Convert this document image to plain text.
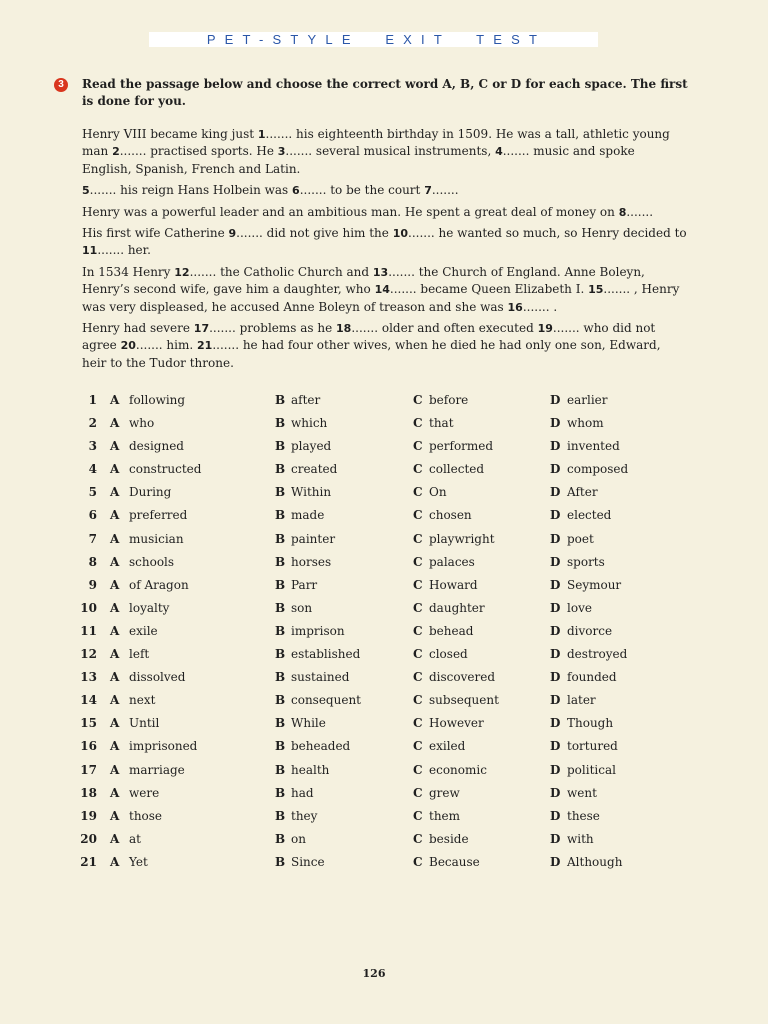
PET-STYLE  EXIT  TEST
3	Read the passage below and choose the correct word A, B, C or D for each space. The first is done for you.

Henry VIII became king just 1....... his eighteenth birthday in 1509. He was a tall, athletic young man 2....... practised sports. He 3....... several musical instruments, 4....... music and spoke English, Spanish, French and Latin.

5....... his reign Hans Holbein was 6....... to be the court 7.......

Henry was a powerful leader and an ambitious man. He spent a great deal of money on 8.......

His first wife Catherine 9....... did not give him the 10....... he wanted so much, so Henry decided to 11....... her.

In 1534 Henry 12....... the Catholic Church and 13....... the Church of England. Anne Boleyn, Henry’s second wife, gave him a daughter, who 14....... became Queen Elizabeth I. 15....... , Henry was very displeased, he accused Anne Boleyn of treason and she was 16....... .

Henry had severe 17....... problems as he 18....... older and often executed 19....... who did not agree 20....... him. 21....... he had four other wives, when he died he had only one son, Edward, heir to the Tudor throne.

1 A following	B after	C before	D earlier
2 A who	B which	C that	D whom
3 A designed	B played	C performed	D invented
4 A constructed	B created	C collected	D composed
5 A During	B Within	C On	D After
6 A preferred	B made	C chosen	D elected
7 A musician	B painter	C playwright	D poet
8 A schools	B horses	C palaces	D sports
9 A of Aragon	B Parr	C Howard	D Seymour
10 A loyalty	B son	C daughter	D love
11 A exile	B imprison	C behead	D divorce
12 A left	B established	C closed	D destroyed
13 A dissolved	B sustained	C discovered	D founded
14 A next	B consequent	C subsequent	D later
15 A Until	B While	C However	D Though
16 A imprisoned	B beheaded	C exiled	D tortured
17 A marriage	B health	C economic	D political
18 A were	B had	C grew	D went
19 A those	B they	C them	D these
20 A at	B on	C beside	D with
21 A Yet	B Since	C Because	D Although
126
